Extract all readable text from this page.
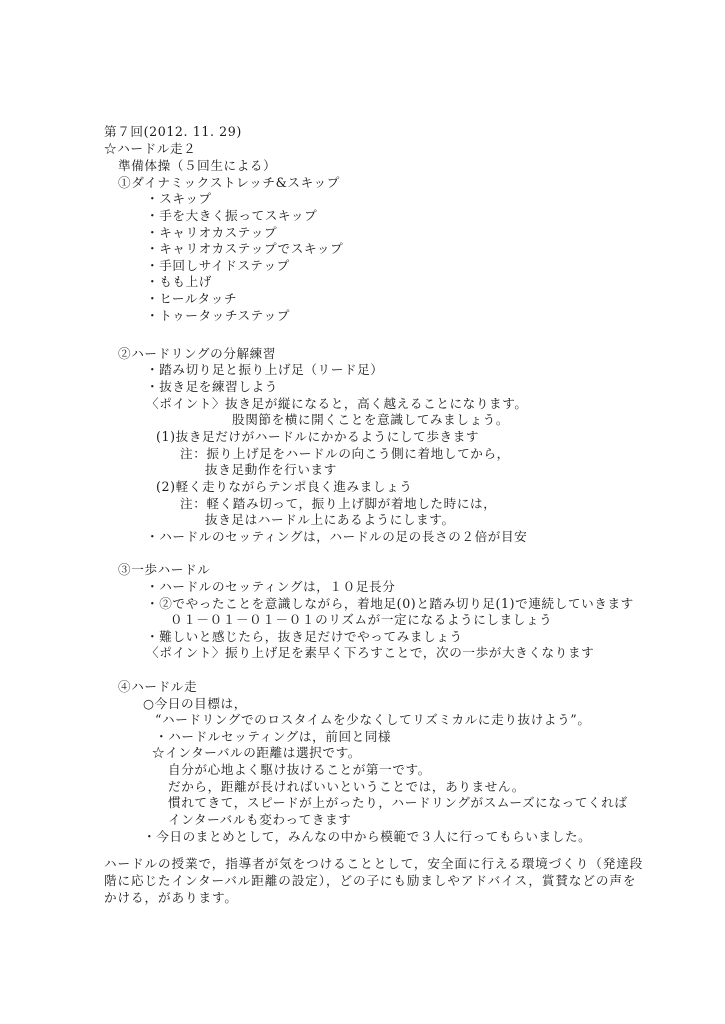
第７回(2012. 11. 29)
☆ハードル走２
準備体操（５回生による）
①ダイナミックストレッチ&スキップ
・スキップ
・手を大きく振ってスキップ
・キャリオカステップ
・キャリオカステップでスキップ
・手回しサイドステップ
・もも上げ
・ヒールタッチ
・トゥータッチステップ
②ハードリングの分解練習
・踏み切り足と振り上げ足（リード足）
・抜き足を練習しよう
〈ポイント〉抜き足が縦になると，高く越えることになります。
股関節を横に開くことを意識してみましょう。
(1)抜き足だけがハードルにかかるようにして歩きます
注：振り上げ足をハードルの向こう側に着地してから，
抜き足動作を行います
(2)軽く走りながらテンポ良く進みましょう
注：軽く踏み切って，振り上げ脚が着地した時には，
抜き足はハードル上にあるようにします。
・ハードルのセッティングは，ハードルの足の長さの２倍が目安
③一歩ハードル
・ハードルのセッティングは，１０足長分
・②でやったことを意識しながら，着地足(0)と踏み切り足(1)で連続していきます
０１－０１－０１－０１のリズムが一定になるようにしましょう
・難しいと感じたら，抜き足だけでやってみましょう
〈ポイント〉振り上げ足を素早く下ろすことで，次の一歩が大きくなります
④ハードル走
○今日の目標は，
“ハードリングでのロスタイムを少なくしてリズミカルに走り抜けよう”。
・ハードルセッティングは，前回と同様
☆インターバルの距離は選択です。
自分が心地よく駆け抜けることが第一です。
だから，距離が長ければいいということでは，ありません。
慣れてきて，スピードが上がったり，ハードリングがスムーズになってくれば
インターバルも変わってきます
・今日のまとめとして，みんなの中から模範で３人に行ってもらいました。
ハードルの授業で，指導者が気をつけることとして，安全面に行える環境づくり（発達段
階に応じたインターバル距離の設定），どの子にも励ましやアドバイス，賞賛などの声を
かける，があります。
